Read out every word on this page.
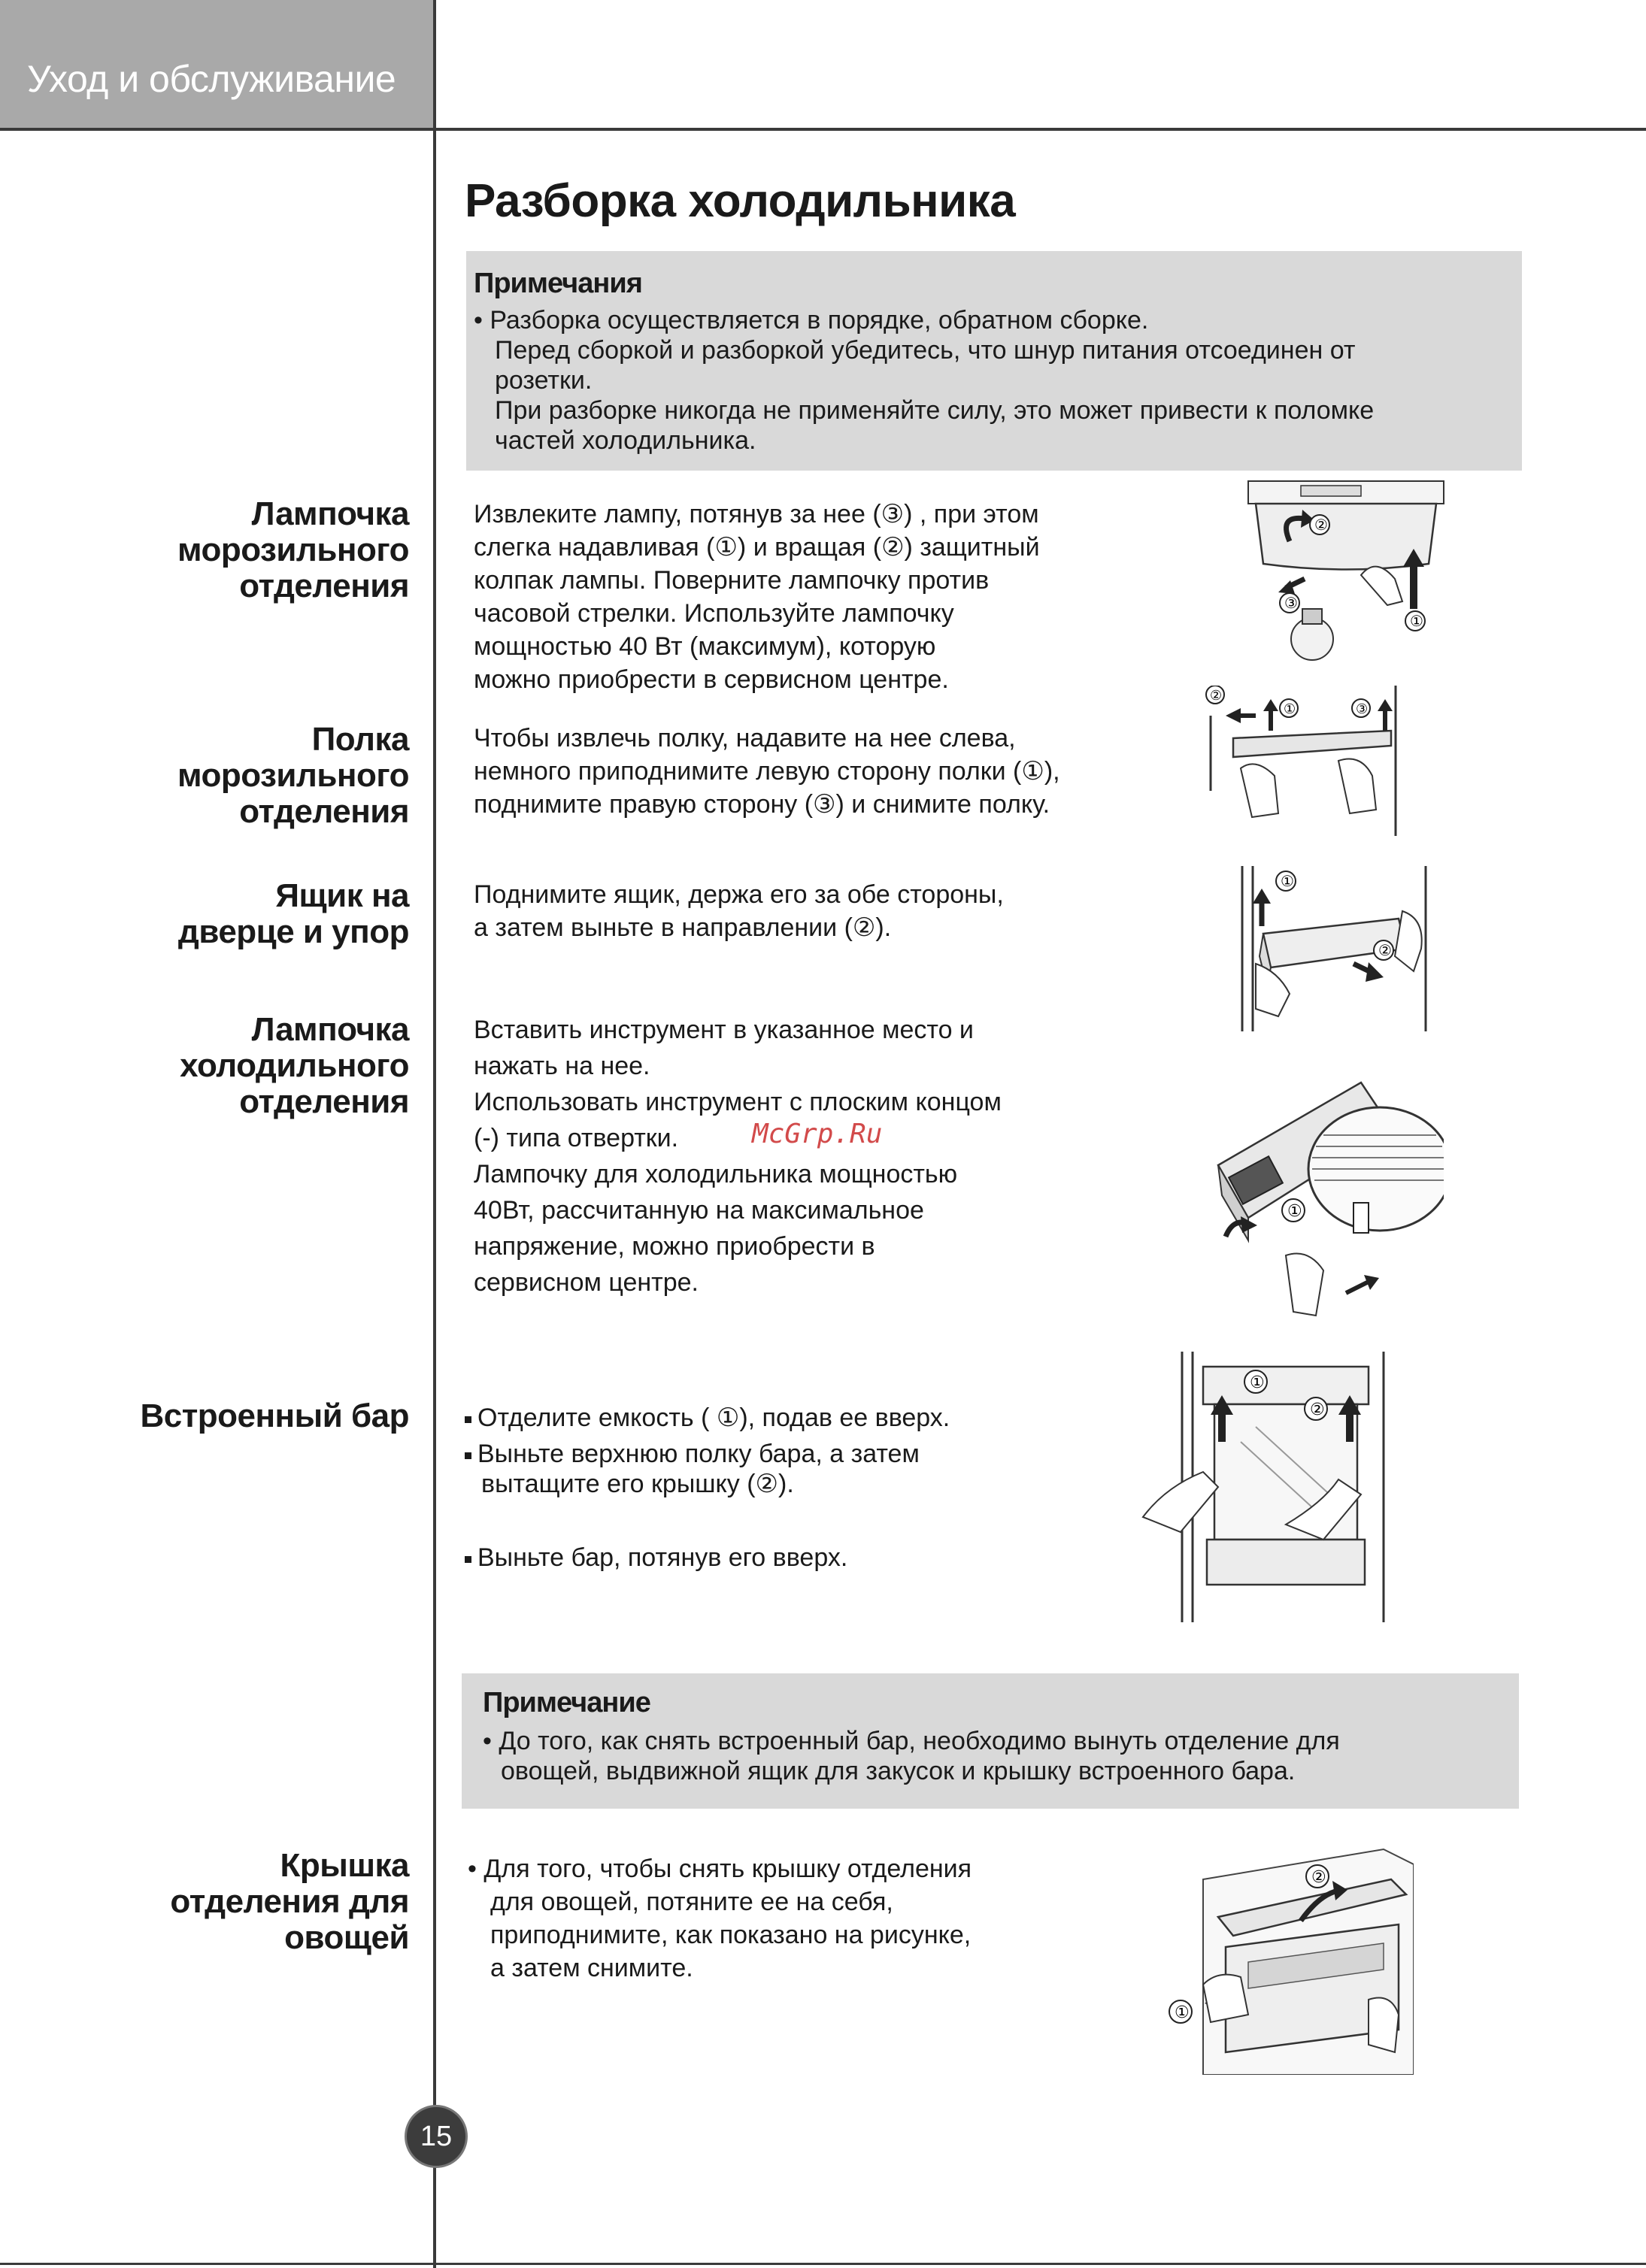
Уход и обслуживание
Разборка холодильника
Примечания
• Разборка осуществляется в порядке, обратном сборке.
Перед сборкой и разборкой убедитесь, что шнур питания отсоединен от
розетки.
При разборке никогда не применяйте силу, это может привести к поломке
частей холодильника.
Лампочка
морозильного
отделения
Извлеките лампу, потянув за нее (③) , при этом
слегка надавливая (①) и вращая (②) защитный
колпак лампы. Поверните лампочку против
часовой стрелки. Используйте лампочку
мощностью 40 Вт (максимум), которую
можно приобрести в сервисном центре.
②
③
①
Полка
морозильного
отделения
Чтобы извлечь полку, надавите на нее слева,
немного приподнимите левую сторону полки (①),
поднимите правую сторону (③) и снимите полку.
②
①	③
Ящик на
дверце и упор
Поднимите ящик, держа его за обе стороны,
а затем выньте в направлении (②).
①
②
Лампочка
холодильного
отделения
Вставить инструмент в указанное место и
нажать на нее.
Использовать инструмент с плоским концом
(-) типа отвертки.
Лампочку для холодильника мощностью
40Вт, рассчитанную на максимальное
напряжение, можно приобрести в
сервисном центре.
McGrp.Ru
①
Встроенный бар	Отделите емкость ( ①), подав ее вверх.
Выньте верхнюю полку бара, а затем
вытащите его крышку (②).
Выньте бар, потянув его вверх.
①
②
Примечание
• До того, как снять встроенный бар, необходимо вынуть отделение для
овощей, выдвижной ящик для закусок и крышку встроенного бара.
Крышка
отделения для
овощей
• Для того, чтобы снять крышку отделения
для овощей, потяните ее на себя,
приподнимите, как показано на рисунке,
а затем снимите.
②
①
15
